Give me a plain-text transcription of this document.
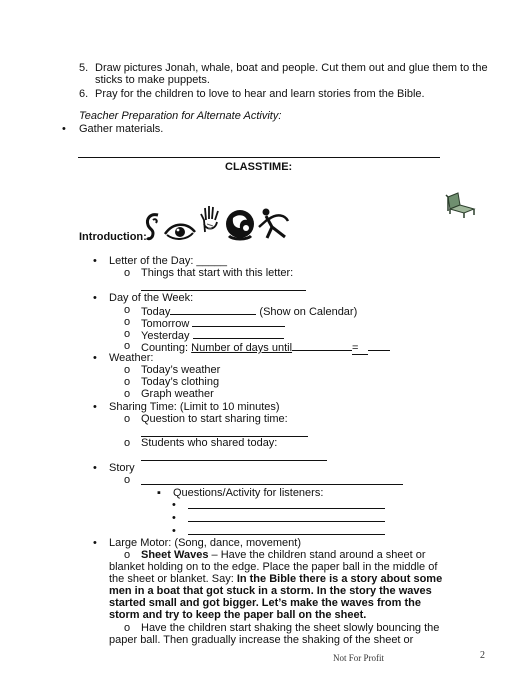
5. Draw pictures Jonah, whale, boat and people. Cut them out and glue them to the
sticks to make puppets.
6. Pray for the children to love to hear and learn stories from the Bible.
Teacher Preparation for Alternate Activity:
• Gather materials.
CLASSTIME:
Introduction:
• Letter of the Day: _____
o Things that start with this letter:
• Day of the Week:
o Today	(Show on Calendar)
o Tomorrow
o Yesterday
o Counting: Number of days until	=
• Weather:
o Today’s weather
o Today’s clothing
o Graph weather
• Sharing Time: (Limit to 10 minutes)
o Question to start sharing time:
o Students who shared today:
• Story
o
▪ Questions/Activity for listeners:
•
•
•
• Large Motor: (Song, dance, movement)
o Sheet Waves – Have the children stand around a sheet or
blanket holding on to the edge. Place the paper ball in the middle of
the sheet or blanket. Say: In the Bible there is a story about some
men in a boat that got stuck in a storm. In the story the waves
started small and got bigger. Let’s make the waves from the
storm and try to keep the paper ball on the sheet.
o Have the children start shaking the sheet slowly bouncing the
paper ball. Then gradually increase the shaking of the sheet or
Not For Profit	2
